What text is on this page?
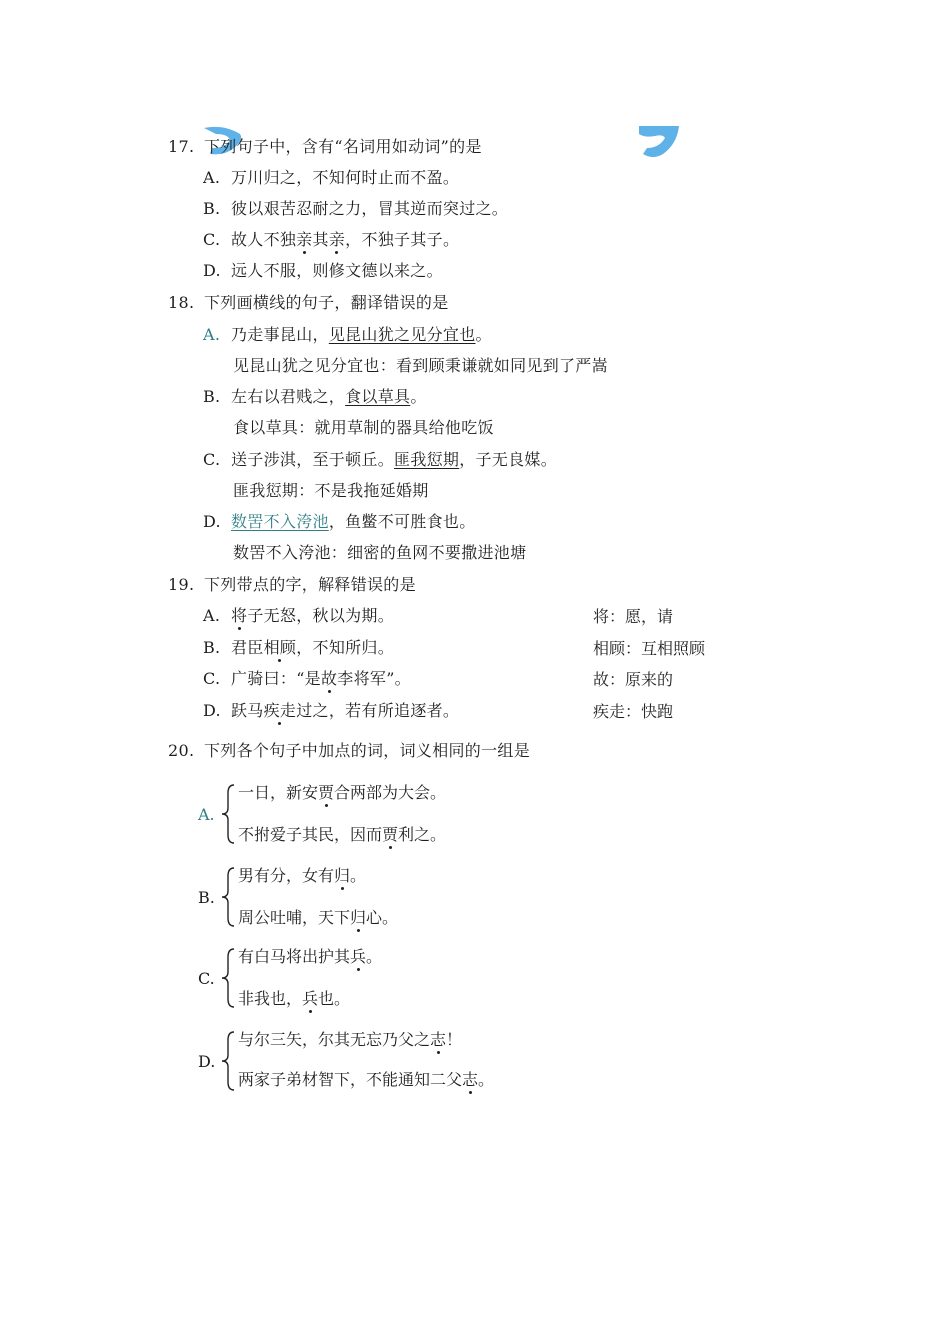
17. 下列句子中，含有“名词用如动词”的是
A. 万川归之，不知何时止而不盈。
B. 彼以艰苦忍耐之力，冒其逆而突过之。
C. 故人不独亲其亲，不独子其子。
D. 远人不服，则修文德以来之。
18. 下列画横线的句子，翻译错误的是
A. 乃走事昆山，见昆山犹之见分宜也。
见昆山犹之见分宜也：看到顾秉谦就如同见到了严嵩
B. 左右以君贱之，食以草具。
食以草具：就用草制的器具给他吃饭
C. 送子涉淇，至于顿丘。匪我愆期，子无良媒。
匪我愆期：不是我拖延婚期
D. 数罟不入洿池，鱼鳖不可胜食也。
数罟不入洿池：细密的鱼网不要撒进池塘
19. 下列带点的字，解释错误的是
A. 将子无怒，秋以为期。	将：愿，请
B. 君臣相顾，不知所归。	相顾：互相照顾
C. 广骑曰：“是故李将军”。	故：原来的
D. 跃马疾走过之，若有所追逐者。	疾走：快跑
20. 下列各个句子中加点的词，词义相同的一组是
A.
一日，新安贾合两部为大会。
不拊爱子其民，因而贾利之。
B.
男有分，女有归。
周公吐哺，天下归心。
C.
有白马将出护其兵。
非我也，兵也。
D.
与尔三矢，尔其无忘乃父之志！
两家子弟材智下，不能通知二父志。
